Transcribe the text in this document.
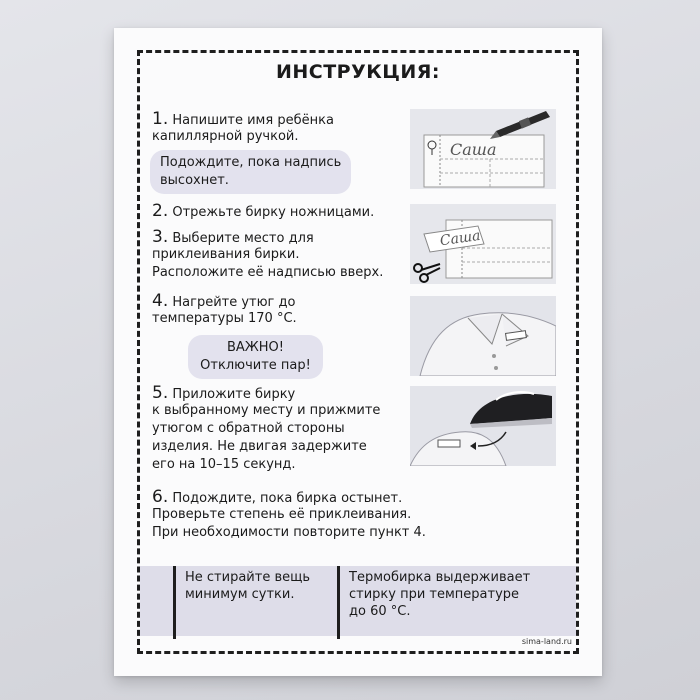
ИНСТРУКЦИЯ:
1. Напишите имя ребёнка
капиллярной ручкой.
Подождите, пока надпись
высохнет.
2. Отрежьте бирку ножницами.
3. Выберите место для
приклеивания бирки.
Расположите её надписью вверх.
4. Нагрейте утюг до
температуры 170 °C.
ВАЖНО!
Отключите пар!
5. Приложите бирку
к выбранному месту и прижмите
утюгом с обратной стороны
изделия. Не двигая задержите
его на 10–15 секунд.
6. Подождите, пока бирка остынет.
Проверьте степень её приклеивания.
При необходимости повторите пункт 4.
Саша
Саша
Не стирайте вещь
минимум сутки.
Термобирка выдерживает
стирку при температуре
до 60 °C.
sima-land.ru
